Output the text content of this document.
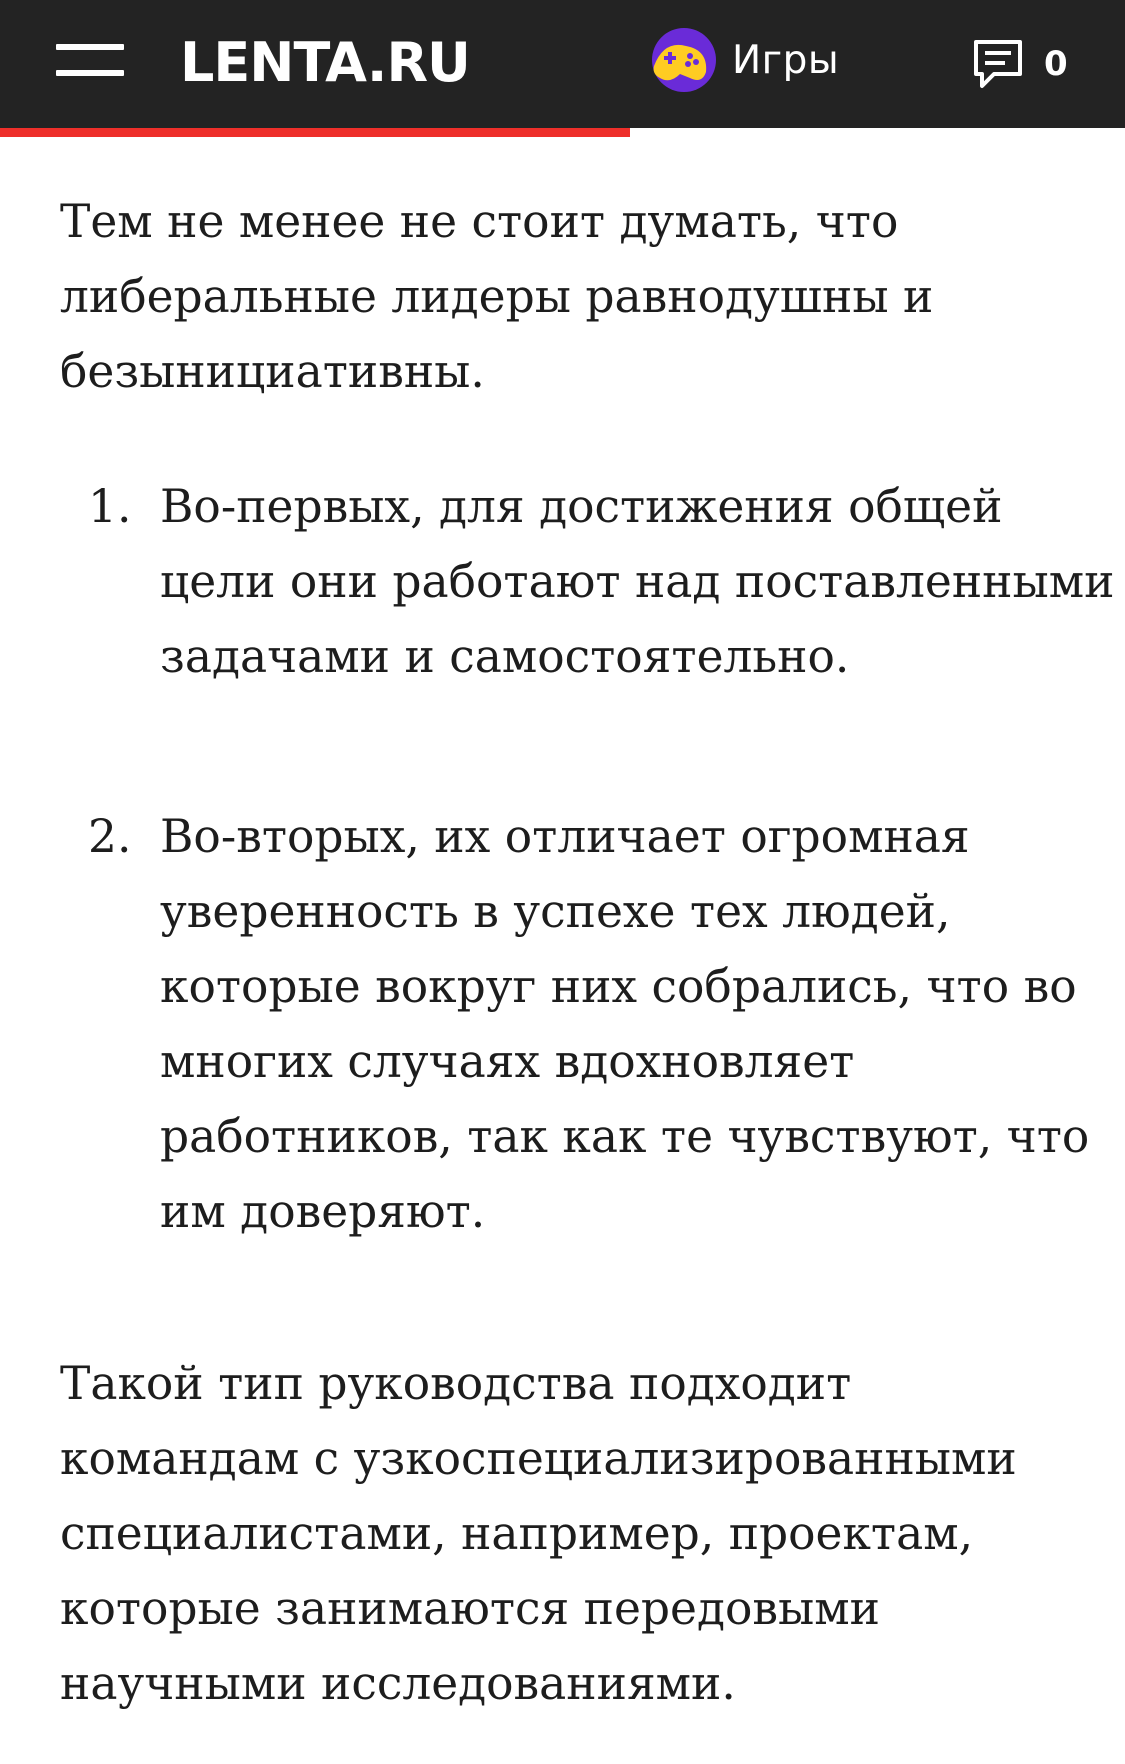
LENTA.RU	Игры	0

Тем не менее не стоит думать, что либеральные лидеры равнодушны и безынициативны.

1. Во-первых, для достижения общей цели они работают над поставленными задачами и самостоятельно.
2. Во-вторых, их отличает огромная уверенность в успехе тех людей, которые вокруг них собрались, что во многих случаях вдохновляет работников, так как те чувствуют, что им доверяют.

Такой тип руководства подходит командам с узкоспециализированными специалистами, например, проектам, которые занимаются передовыми научными исследованиями.
